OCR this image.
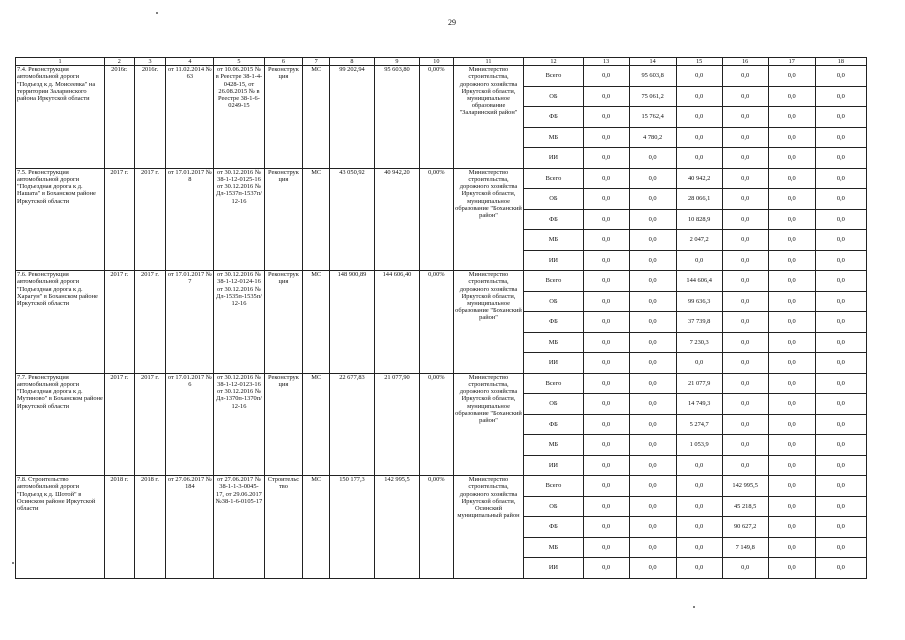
29
1	2	3	4	5	6	7	8	9	10	11	12	13	14	15	16	17	18
7.4. Реконструкция автомобильной дороги "Подъезд к д. Моисеевка" на территории Заларинского района Иркутской области	2016г.	2016г.	от 11.02.2014 № 63	от 10.06.2015 № в Реестре 38-1-4-0428-15, от 26.08.2015 № в Реестре 38-1-6-0249-15	Реконструк ция	МС	99 202,94	95 603,80	0,00%	Министерство строительства, дорожного хозяйства Иркутской области, муниципальное образование "Заларинский район"	Всего	0,0	95 603,8	0,0	0,0	0,0	0,0
											ОБ	0,0	75 061,2	0,0	0,0	0,0	0,0
											ФБ	0,0	15 762,4	0,0	0,0	0,0	0,0
											МБ	0,0	4 780,2	0,0	0,0	0,0	0,0
											ИИ	0,0	0,0	0,0	0,0	0,0	0,0
7.5. Реконструкция автомобильной дороги "Подъездная дорога к д. Нашата" в Боханском районе Иркутской области	2017 г.	2017 г.	от 17.01.2017 № 8	от 30.12.2016 № 38-1-12-0125-16 от 30.12.2016 № Дл-1537п-1537п/12-16	Реконструк ция	МС	43 050,92	40 942,20	0,00%	Министерство строительства, дорожного хозяйства Иркутской области, муниципальное образование "Боханский район"	Всего	0,0	0,0	40 942,2	0,0	0,0	0,0
											ОБ	0,0	0,0	28 066,1	0,0	0,0	0,0
											ФБ	0,0	0,0	10 828,9	0,0	0,0	0,0
											МБ	0,0	0,0	2 047,2	0,0	0,0	0,0
											ИИ	0,0	0,0	0,0	0,0	0,0	0,0
7.6. Реконструкция автомобильной дороги "Подъездная дорога к д. Харагун" в Боханском районе Иркутской области	2017 г.	2017 г.	от 17.01.2017 № 7	от 30.12.2016 № 38-1-12-0124-16 от 30.12.2016 № Дл-1535п-1535п/12-16	Реконструк ция	МС	148 900,89	144 606,40	0,00%	Министерство строительства, дорожного хозяйства Иркутской области, муниципальное образование "Боханский район"	Всего	0,0	0,0	144 606,4	0,0	0,0	0,0
											ОБ	0,0	0,0	99 636,3	0,0	0,0	0,0
											ФБ	0,0	0,0	37 739,8	0,0	0,0	0,0
											МБ	0,0	0,0	7 230,3	0,0	0,0	0,0
											ИИ	0,0	0,0	0,0	0,0	0,0	0,0
7.7. Реконструкция автомобильной дороги "Подъездная дорога к д. Мутиново" в Боханском районе Иркутской области	2017 г.	2017 г.	от 17.01.2017 № 6	от 30.12.2016 № 38-1-12-0123-16 от 30.12.2016 № Дл-1370п-1370п/12-16	Реконструк ция	МС	22 677,83	21 077,90	0,00%	Министерство строительства, дорожного хозяйства Иркутской области, муниципальное образование "Боханский район"	Всего	0,0	0,0	21 077,9	0,0	0,0	0,0
											ОБ	0,0	0,0	14 749,3	0,0	0,0	0,0
											ФБ	0,0	0,0	5 274,7	0,0	0,0	0,0
											МБ	0,0	0,0	1 053,9	0,0	0,0	0,0
											ИИ	0,0	0,0	0,0	0,0	0,0	0,0
7.8. Строительство автомобильной дороги "Подъезд к д. Шотой" в Осинском районе Иркутской области	2018 г.	2018 г.	от 27.06.2017 № 184	от 27.06.2017 № 38-1-1-3-0045-17, от 29.06.2017 №38-1-6-0105-17	Строительс тво	МС	150 177,3	142 995,5	0,00%	Министерство строительства, дорожного хозяйства Иркутской области, Осинский муниципальный район	Всего	0,0	0,0	0,0	142 995,5	0,0	0,0
											ОБ	0,0	0,0	0,0	45 218,5	0,0	0,0
											ФБ	0,0	0,0	0,0	90 627,2	0,0	0,0
											МБ	0,0	0,0	0,0	7 149,8	0,0	0,0
											ИИ	0,0	0,0	0,0	0,0	0,0	0,0
